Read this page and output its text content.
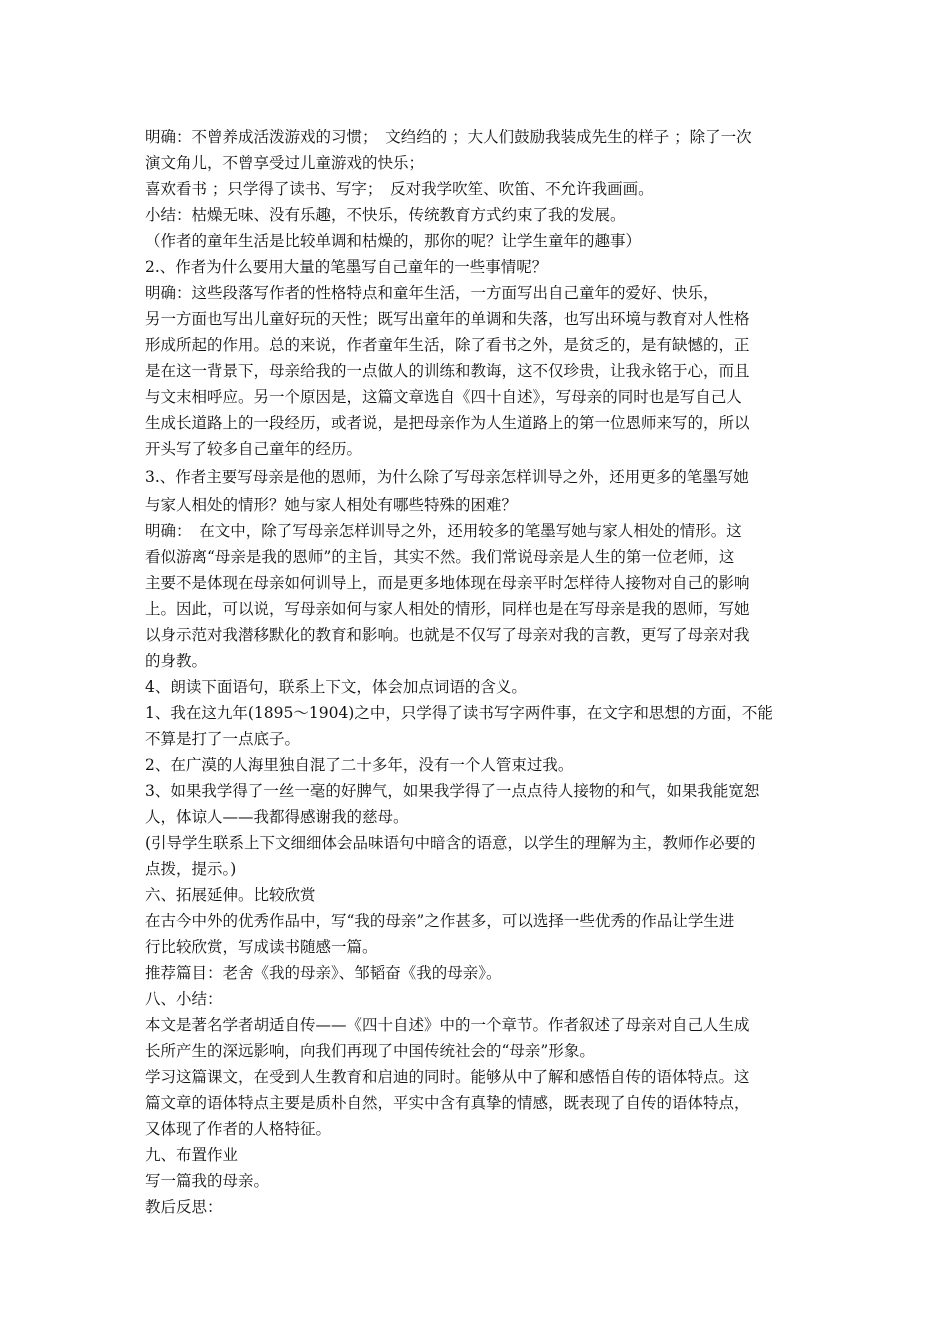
明确：不曾养成活泼游戏的习惯；　文绉绉的 ；大人们鼓励我装成先生的样子 ；除了一次
演文角儿，不曾享受过儿童游戏的快乐；
喜欢看书 ；只学得了读书、写字；　反对我学吹笙、吹笛、不允许我画画。
小结：枯燥无味、没有乐趣，不快乐，传统教育方式约束了我的发展。
（作者的童年生活是比较单调和枯燥的，那你的呢？让学生童年的趣事）
2.、作者为什么要用大量的笔墨写自己童年的一些事情呢？
明确：这些段落写作者的性格特点和童年生活，一方面写出自己童年的爱好、快乐，
另一方面也写出儿童好玩的天性；既写出童年的单调和失落，也写出环境与教育对人性格
形成所起的作用。总的来说，作者童年生活，除了看书之外，是贫乏的，是有缺憾的，正
是在这一背景下，母亲给我的一点做人的训练和教诲，这不仅珍贵，让我永铭于心，而且
与文末相呼应。另一个原因是，这篇文章选自《四十自述》，写母亲的同时也是写自己人
生成长道路上的一段经历，或者说，是把母亲作为人生道路上的第一位恩师来写的，所以
开头写了较多自己童年的经历。
3.、作者主要写母亲是他的恩师，为什么除了写母亲怎样训导之外，还用更多的笔墨写她
与家人相处的情形？她与家人相处有哪些特殊的困难？
明确：　在文中，除了写母亲怎样训导之外，还用较多的笔墨写她与家人相处的情形。这
看似游离“母亲是我的恩师”的主旨，其实不然。我们常说母亲是人生的第一位老师，这
主要不是体现在母亲如何训导上，而是更多地体现在母亲平时怎样待人接物对自己的影响
上。因此，可以说，写母亲如何与家人相处的情形，同样也是在写母亲是我的恩师，写她
以身示范对我潜移默化的教育和影响。也就是不仅写了母亲对我的言教，更写了母亲对我
的身教。
4、朗读下面语句，联系上下文，体会加点词语的含义。
1、我在这九年(1895～1904)之中，只学得了读书写字两件事，在文字和思想的方面，不能
不算是打了一点底子。
2、在广漠的人海里独自混了二十多年，没有一个人管束过我。
3、如果我学得了一丝一毫的好脾气，如果我学得了一点点待人接物的和气，如果我能宽恕
人，体谅人——我都得感谢我的慈母。
(引导学生联系上下文细细体会品味语句中暗含的语意，以学生的理解为主，教师作必要的
点拨，提示。)
六、拓展延伸。比较欣赏
在古今中外的优秀作品中，写“我的母亲”之作甚多，可以选择一些优秀的作品让学生进
行比较欣赏，写成读书随感一篇。
推荐篇目：老舍《我的母亲》、邹韬奋《我的母亲》。
八、小结：
本文是著名学者胡适自传——《四十自述》中的一个章节。作者叙述了母亲对自己人生成
长所产生的深远影响，向我们再现了中国传统社会的“母亲”形象。
学习这篇课文，在受到人生教育和启迪的同时。能够从中了解和感悟自传的语体特点。这
篇文章的语体特点主要是质朴自然，平实中含有真挚的情感，既表现了自传的语体特点，
又体现了作者的人格特征。
九、布置作业
写一篇我的母亲。
教后反思：
